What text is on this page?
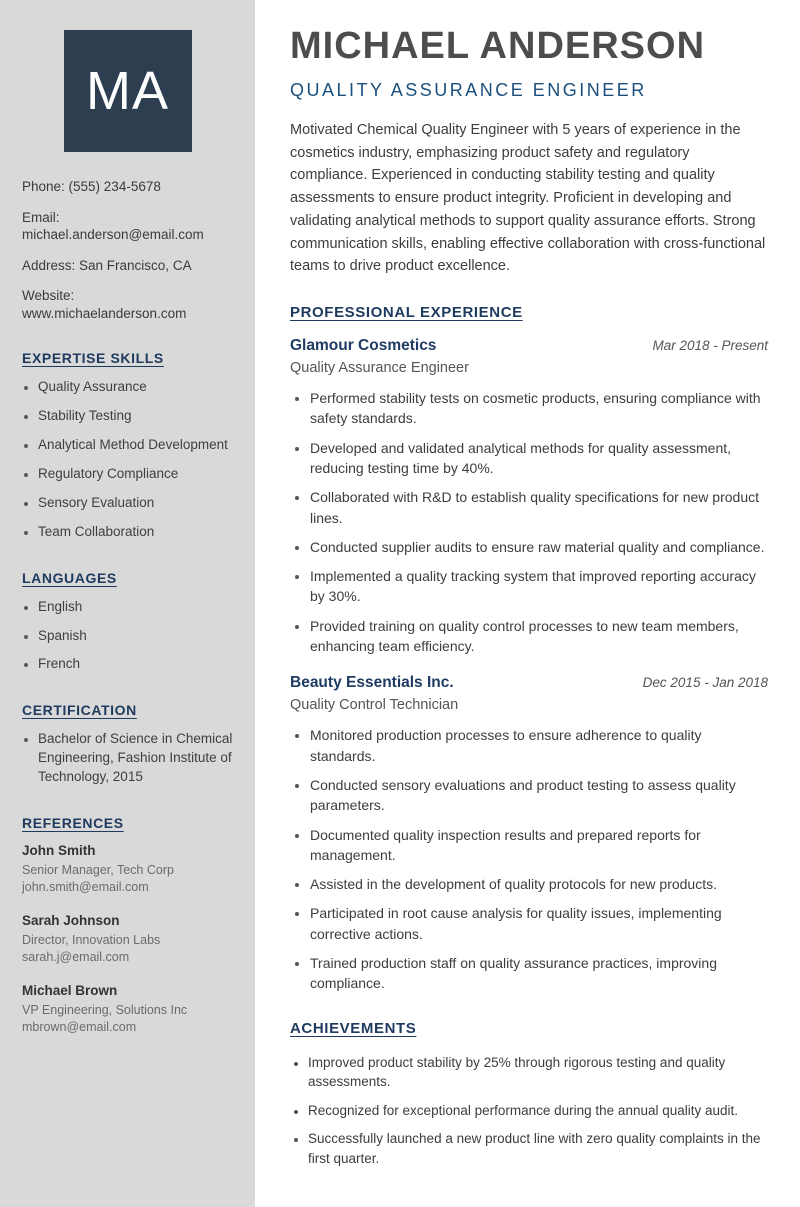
MA
Phone: (555) 234-5678
Email: michael.anderson@email.com
Address: San Francisco, CA
Website: www.michaelanderson.com
EXPERTISE SKILLS
• Quality Assurance
• Stability Testing
• Analytical Method Development
• Regulatory Compliance
• Sensory Evaluation
• Team Collaboration
LANGUAGES
• English
• Spanish
• French
CERTIFICATION
• Bachelor of Science in Chemical Engineering, Fashion Institute of Technology, 2015
REFERENCES
John Smith
Senior Manager, Tech Corp
john.smith@email.com
Sarah Johnson
Director, Innovation Labs
sarah.j@email.com
Michael Brown
VP Engineering, Solutions Inc
mbrown@email.com
MICHAEL ANDERSON
QUALITY ASSURANCE ENGINEER

Motivated Chemical Quality Engineer with 5 years of experience in the cosmetics industry, emphasizing product safety and regulatory compliance. Experienced in conducting stability testing and quality assessments to ensure product integrity. Proficient in developing and validating analytical methods to support quality assurance efforts. Strong communication skills, enabling effective collaboration with cross-functional teams to drive product excellence.

PROFESSIONAL EXPERIENCE
Glamour Cosmetics	Mar 2018 - Present
Quality Assurance Engineer
• Performed stability tests on cosmetic products, ensuring compliance with safety standards.
• Developed and validated analytical methods for quality assessment, reducing testing time by 40%.
• Collaborated with R&D to establish quality specifications for new product lines.
• Conducted supplier audits to ensure raw material quality and compliance.
• Implemented a quality tracking system that improved reporting accuracy by 30%.
• Provided training on quality control processes to new team members, enhancing team efficiency.
Beauty Essentials Inc.	Dec 2015 - Jan 2018
Quality Control Technician
• Monitored production processes to ensure adherence to quality standards.
• Conducted sensory evaluations and product testing to assess quality parameters.
• Documented quality inspection results and prepared reports for management.
• Assisted in the development of quality protocols for new products.
• Participated in root cause analysis for quality issues, implementing corrective actions.
• Trained production staff on quality assurance practices, improving compliance.
ACHIEVEMENTS
• Improved product stability by 25% through rigorous testing and quality assessments.
• Recognized for exceptional performance during the annual quality audit.
• Successfully launched a new product line with zero quality complaints in the first quarter.
